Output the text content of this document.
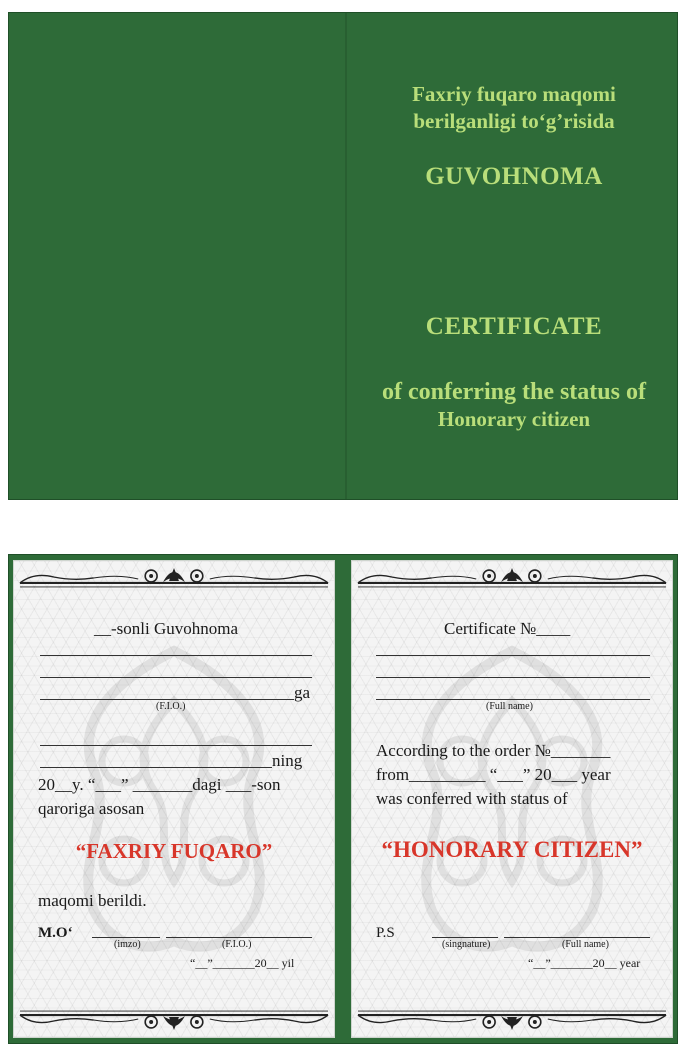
Faxriy fuqaro maqomi
berilganligi to‘g’risida
GUVOHNOMA
CERTIFICATE
of conferring the status of
Honorary citizen
__-sonli Guvohnoma
ga
(F.I.O.)
ning
20__y. “___” _______dagi ___-son
qaroriga asosan
“FAXRIY FUQARO”
maqomi berildi.
M.O‘
(imzo)	(F.I.O.)
“__”_______20__ yil
Certificate №____
(Full name)
According to the order №_______
from_________ “___” 20___ year
was conferred with status of
“HONORARY CITIZEN”
P.S
(singnature)	(Full name)
“__”_______20__ year
